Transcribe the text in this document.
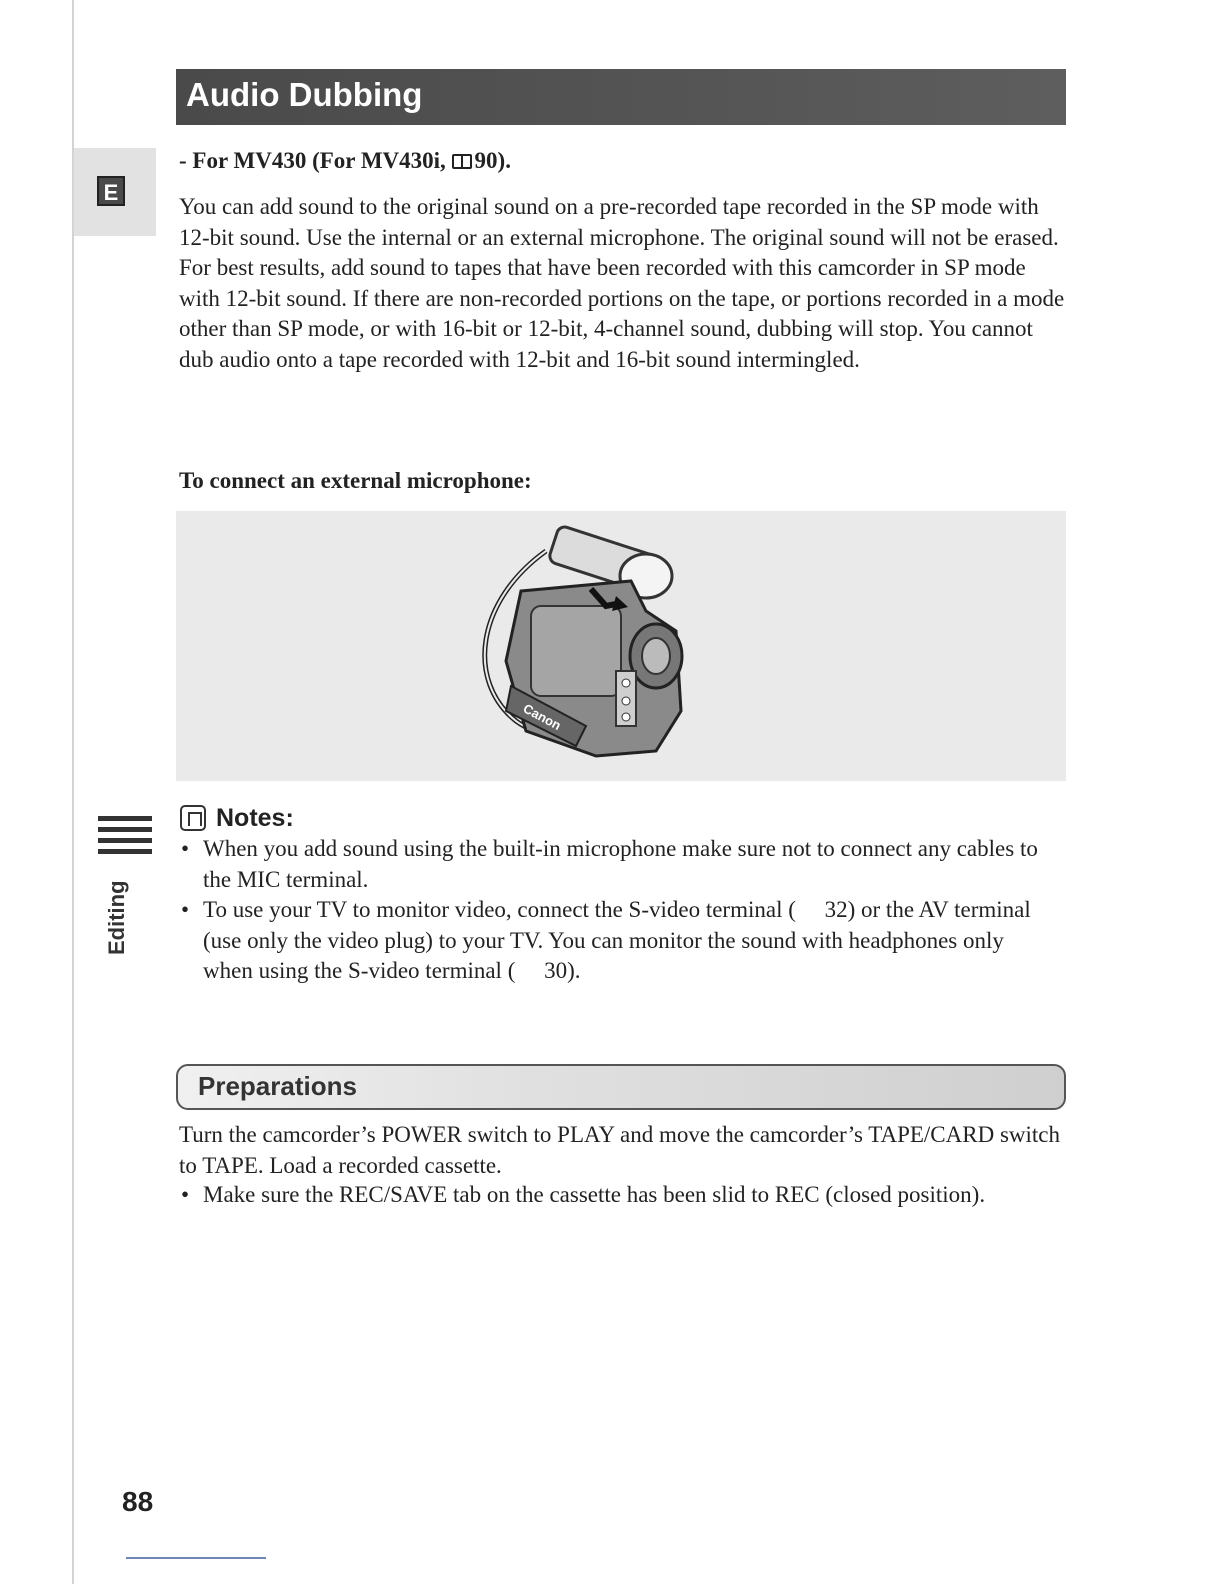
E
Audio Dubbing
- For MV430 (For MV430i,
90).

You can add sound to the original sound on a pre-recorded tape recorded in the SP mode with 12-bit sound. Use the internal or an external microphone. The original sound will not be erased.

For best results, add sound to tapes that have been recorded with this camcorder in SP mode with 12-bit sound. If there are non-recorded portions on the tape, or portions recorded in a mode other than SP mode, or with 16-bit or 12-bit, 4-channel sound, dubbing will stop. You cannot dub audio onto a tape recorded with 12-bit and 16-bit sound intermingled.

To connect an external microphone:
Canon
Editing
Notes:
• When you add sound using the built-in microphone make sure not to connect any cables to the MIC terminal.
• To use your TV to monitor video, connect the S-video terminal (  32) or the AV terminal (use only the video plug) to your TV. You can monitor the sound with headphones only when using the S-video terminal (  30).
Preparations
Turn the camcorder’s POWER switch to PLAY and move the camcorder’s TAPE/CARD switch to TAPE. Load a recorded cassette.
• Make sure the REC/SAVE tab on the cassette has been slid to REC (closed position).
88
